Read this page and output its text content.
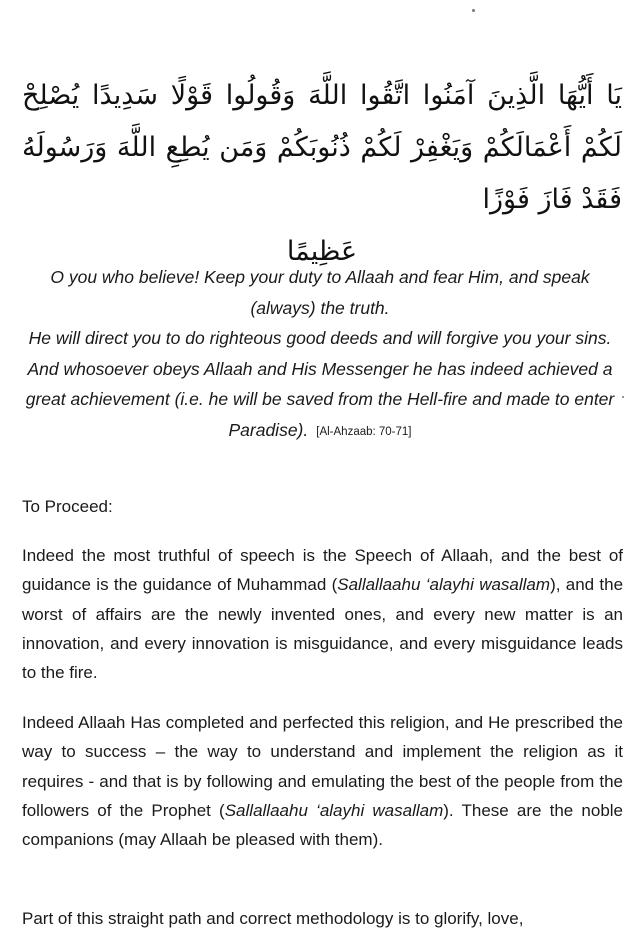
يَا أَيُّهَا الَّذِينَ آمَنُوا اتَّقُوا اللَّهَ وَقُولُوا قَوْلًا سَدِيدًا يُصْلِحْ لَكُمْ أَعْمَالَكُمْ وَيَغْفِرْ لَكُمْ ذُنُوبَكُمْ وَمَن يُطِعِ اللَّهَ وَرَسُولَهُ فَقَدْ فَازَ فَوْزًا
عَظِيمًا
O you who believe! Keep your duty to Allaah and fear Him, and speak (always) the truth.
He will direct you to do righteous good deeds and will forgive you your sins. And whosoever obeys Allaah and His Messenger he has indeed achieved a great achievement (i.e. he will be saved from the Hell-fire and made to enter Paradise). [Al-Ahzaab: 70-71]
To Proceed:

Indeed the most truthful of speech is the Speech of Allaah, and the best of guidance is the guidance of Muhammad (Sallallaahu ‘alayhi wasallam), and the worst of affairs are the newly invented ones, and every new matter is an innovation, and every innovation is misguidance, and every misguidance leads to the fire.

Indeed Allaah Has completed and perfected this religion, and He prescribed the way to success – the way to understand and implement the religion as it requires - and that is by following and emulating the best of the people from the followers of the Prophet (Sallallaahu ‘alayhi wasallam). These are the noble companions (may Allaah be pleased with them).

Part of this straight path and correct methodology is to glorify, love,
